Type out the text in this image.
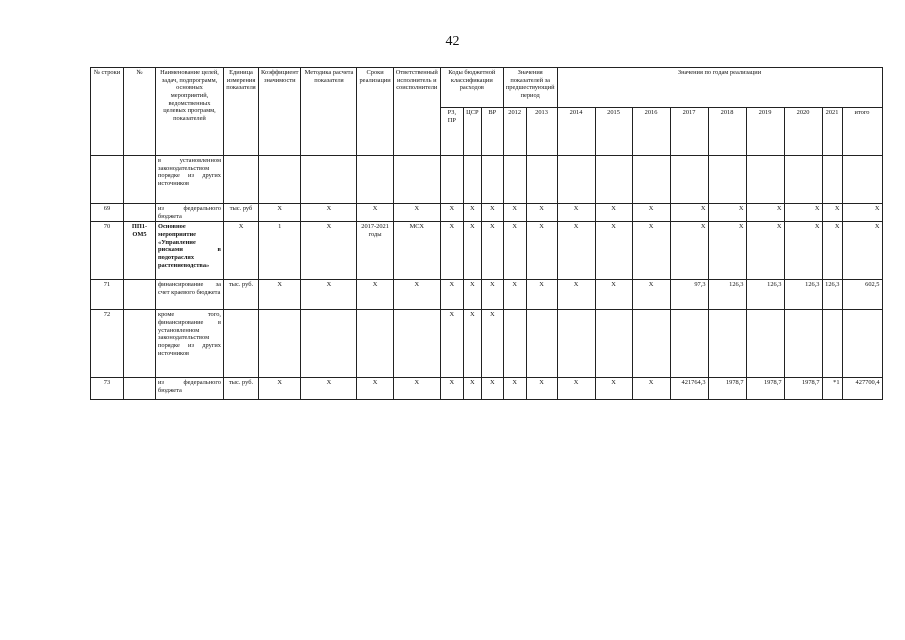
42
№ строки	№	Наименование целей, задач, подпрограмм, основных мероприятий, ведомственных целевых программ, показателей	Единица измерения показателя	Коэффициент значимости	Методика расчета показателя	Сроки реализации	Ответственный исполнитель и соисполнители	Коды бюджетной классификации расходов			Значения показателей за предшествующий период		Значения по годам реализации								
								РЗ, ПР	ЦСР	ВР	2012	2013	2014	2015	2016	2017	2018	2019	2020	2021	итого
		в установленном законодательством порядке из других источников																			
69		из федерального бюджета	тыс. руб	Х	Х	Х	Х	Х	Х	Х	Х	Х	Х	Х	Х	Х	Х	Х	Х	Х	Х
70	ПП1-ОМ5	Основное мероприятие «Управление рисками в подотраслях растениеводства»	Х	1	Х	2017-2021 годы	МСХ	Х	Х	Х	Х	Х	Х	Х	Х	Х	Х	Х	Х	Х	Х
71		финансирование за счет краевого бюджета	тыс. руб.	Х	Х	Х	Х	Х	Х	Х	Х	Х	Х	Х	Х	97,3	126,3	126,3	126,3	126,3	602,5
72		кроме того, финансирование в установленном законодательством порядке из других источников						Х	Х	Х											
73		из федерального бюджета	тыс. руб.	Х	Х	Х	Х	Х	Х	Х	Х	Х	Х	Х	Х	421764,3	1978,7	1978,7	1978,7	*1	427700,4
